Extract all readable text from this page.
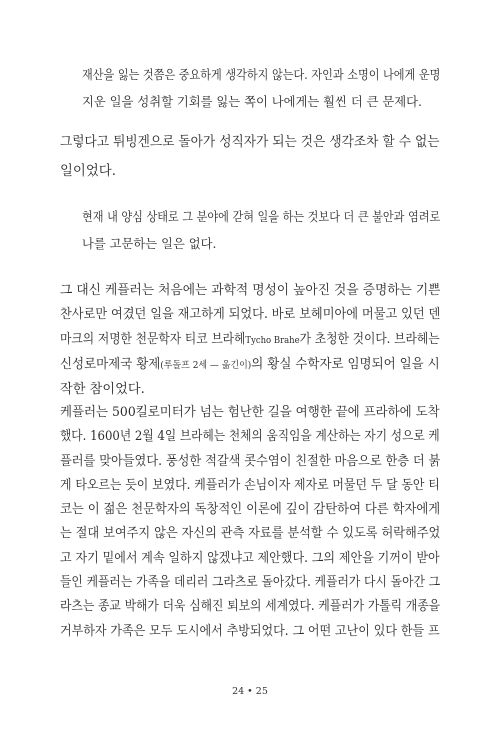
재산을 잃는 것쯤은 중요하게 생각하지 않는다. 자인과 소명이 나에게 운명
지운 일을 성취할 기회를 잃는 쪽이 나에게는 훨씬 더 큰 문제다.
그렇다고 튀빙겐으로 돌아가 성직자가 되는 것은 생각조차 할 수 없는
일이었다.
현재 내 양심 상태로 그 분야에 갇혀 일을 하는 것보다 더 큰 불안과 염려로
나를 고문하는 일은 없다.
그 대신 케플러는 처음에는 과학적 명성이 높아진 것을 증명하는 기쁜
찬사로만 여겼던 일을 재고하게 되었다. 바로 보헤미아에 머물고 있던 덴
마크의 저명한 천문학자 티코 브라헤Tycho Brahe가 초청한 것이다. 브라헤는
신성로마제국 황제(루돌프 2세 — 옮긴이)의 황실 수학자로 임명되어 일을 시
작한 참이었다.
케플러는 500킬로미터가 넘는 험난한 길을 여행한 끝에 프라하에 도착
했다. 1600년 2월 4일 브라헤는 천체의 움직임을 계산하는 자기 성으로 케
플러를 맞아들였다. 풍성한 적갈색 콧수염이 친절한 마음으로 한층 더 붉
게 타오르는 듯이 보였다. 케플러가 손님이자 제자로 머물던 두 달 동안 티
코는 이 젊은 천문학자의 독창적인 이론에 깊이 감탄하여 다른 학자에게
는 절대 보여주지 않은 자신의 관측 자료를 분석할 수 있도록 허락해주었
고 자기 밑에서 계속 일하지 않겠냐고 제안했다. 그의 제안을 기꺼이 받아
들인 케플러는 가족을 데리러 그라츠로 돌아갔다. 케플러가 다시 돌아간 그
라츠는 종교 박해가 더욱 심해진 퇴보의 세계였다. 케플러가 가톨릭 개종을
거부하자 가족은 모두 도시에서 추방되었다. 그 어떤 고난이 있다 한들 프
24 • 25
